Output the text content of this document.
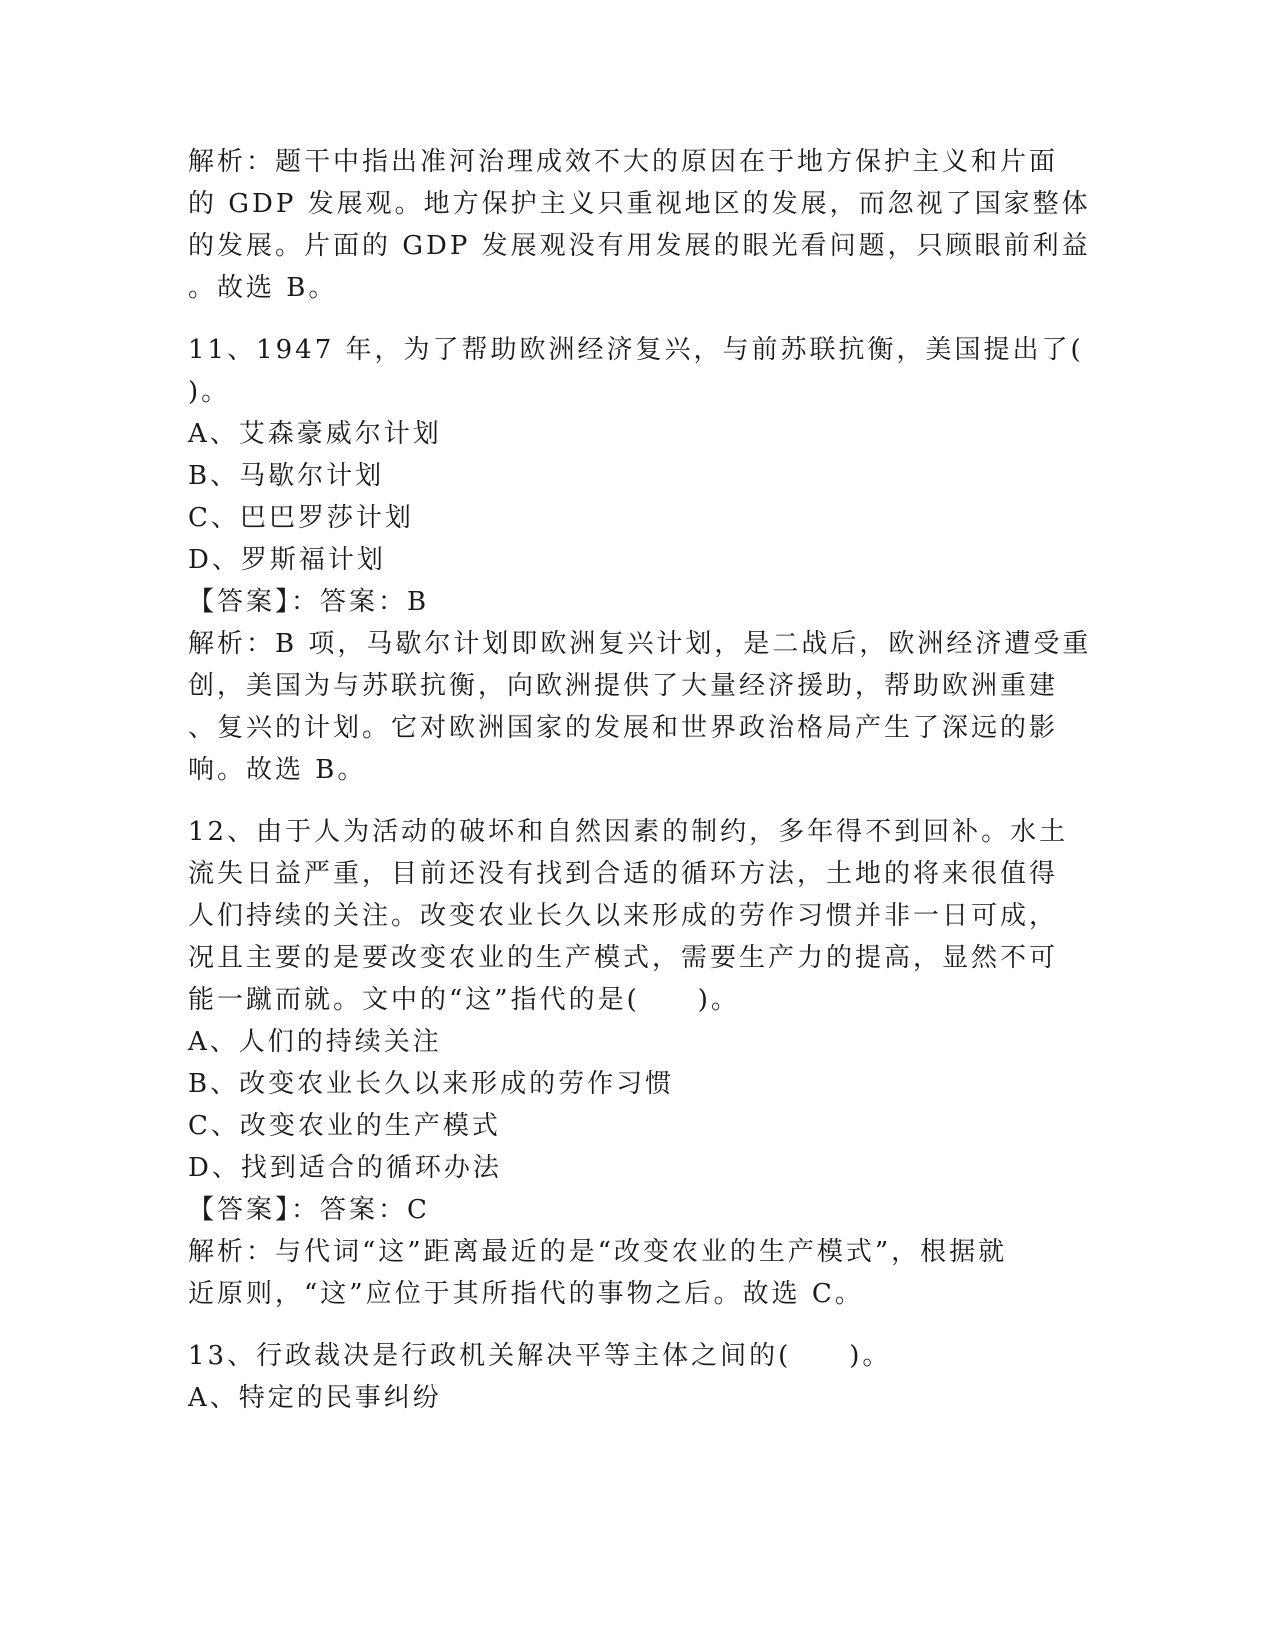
解析：题干中指出准河治理成效不大的原因在于地方保护主义和片面
的 GDP 发展观。地方保护主义只重视地区的发展，而忽视了国家整体
的发展。片面的 GDP 发展观没有用发展的眼光看问题，只顾眼前利益
。故选 B。
11、1947 年，为了帮助欧洲经济复兴，与前苏联抗衡，美国提出了(
)。
A、艾森豪威尔计划
B、马歇尔计划
C、巴巴罗莎计划
D、罗斯福计划
【答案】：答案：B
解析：B 项，马歇尔计划即欧洲复兴计划，是二战后，欧洲经济遭受重
创，美国为与苏联抗衡，向欧洲提供了大量经济援助，帮助欧洲重建
、复兴的计划。它对欧洲国家的发展和世界政治格局产生了深远的影
响。故选 B。
12、由于人为活动的破坏和自然因素的制约，多年得不到回补。水土
流失日益严重，目前还没有找到合适的循环方法，土地的将来很值得
人们持续的关注。改变农业长久以来形成的劳作习惯并非一日可成，
况且主要的是要改变农业的生产模式，需要生产力的提高，显然不可
能一蹴而就。文中的“这”指代的是(　　)。
A、人们的持续关注
B、改变农业长久以来形成的劳作习惯
C、改变农业的生产模式
D、找到适合的循环办法
【答案】：答案：C
解析：与代词“这”距离最近的是“改变农业的生产模式”，根据就
近原则，“这”应位于其所指代的事物之后。故选 C。
13、行政裁决是行政机关解决平等主体之间的(　　)。
A、特定的民事纠纷
